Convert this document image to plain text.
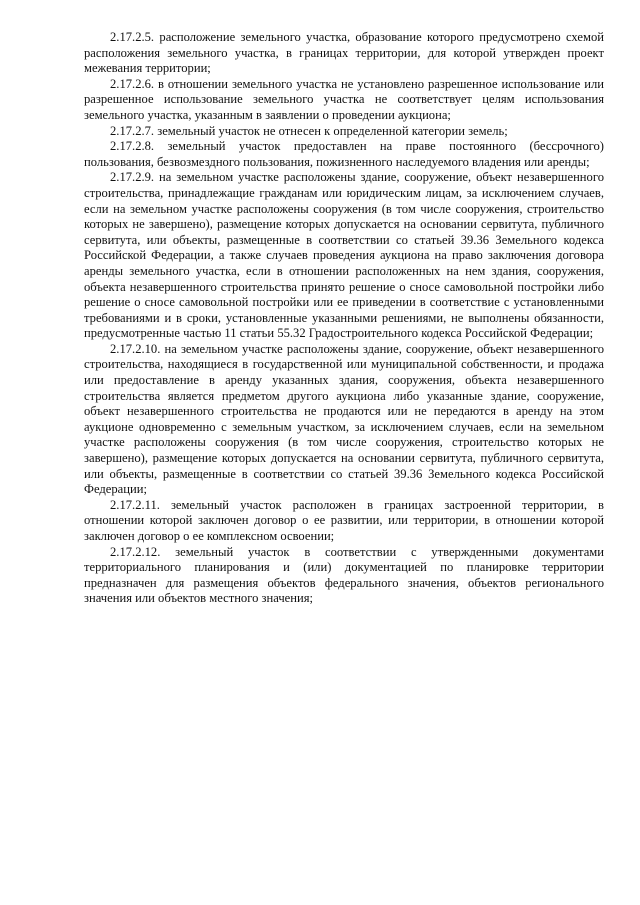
2.17.2.5. расположение земельного участка, образование которого предусмотрено схемой расположения земельного участка, в границах территории, для которой утвержден проект межевания территории;

2.17.2.6. в отношении земельного участка не установлено разрешенное использование или разрешенное использование земельного участка не соответствует целям использования земельного участка, указанным в заявлении о проведении аукциона;

2.17.2.7. земельный участок не отнесен к определенной категории земель;

2.17.2.8. земельный участок предоставлен на праве постоянного (бессрочного) пользования, безвозмездного пользования, пожизненного наследуемого владения или аренды;

2.17.2.9. на земельном участке расположены здание, сооружение, объект незавершенного строительства, принадлежащие гражданам или юридическим лицам, за исключением случаев, если на земельном участке расположены сооружения (в том числе сооружения, строительство которых не завершено), размещение которых допускается на основании сервитута, публичного сервитута, или объекты, размещенные в соответствии со статьей 39.36 Земельного кодекса Российской Федерации, а также случаев проведения аукциона на право заключения договора аренды земельного участка, если в отношении расположенных на нем здания, сооружения, объекта незавершенного строительства принято решение о сносе самовольной постройки либо решение о сносе самовольной постройки или ее приведении в соответствие с установленными требованиями и в сроки, установленные указанными решениями, не выполнены обязанности, предусмотренные частью 11 статьи 55.32 Градостроительного кодекса Российской Федерации;

2.17.2.10. на земельном участке расположены здание, сооружение, объект незавершенного строительства, находящиеся в государственной или муниципальной собственности, и продажа или предоставление в аренду указанных здания, сооружения, объекта незавершенного строительства является предметом другого аукциона либо указанные здание, сооружение, объект незавершенного строительства не продаются или не передаются в аренду на этом аукционе одновременно с земельным участком, за исключением случаев, если на земельном участке расположены сооружения (в том числе сооружения, строительство которых не завершено), размещение которых допускается на основании сервитута, публичного сервитута, или объекты, размещенные в соответствии со статьей 39.36 Земельного кодекса Российской Федерации;

2.17.2.11. земельный участок расположен в границах застроенной территории, в отношении которой заключен договор о ее развитии, или территории, в отношении которой заключен договор о ее комплексном освоении;

2.17.2.12. земельный участок в соответствии с утвержденными документами территориального планирования и (или) документацией по планировке территории предназначен для размещения объектов федерального значения, объектов регионального значения или объектов местного значения;
